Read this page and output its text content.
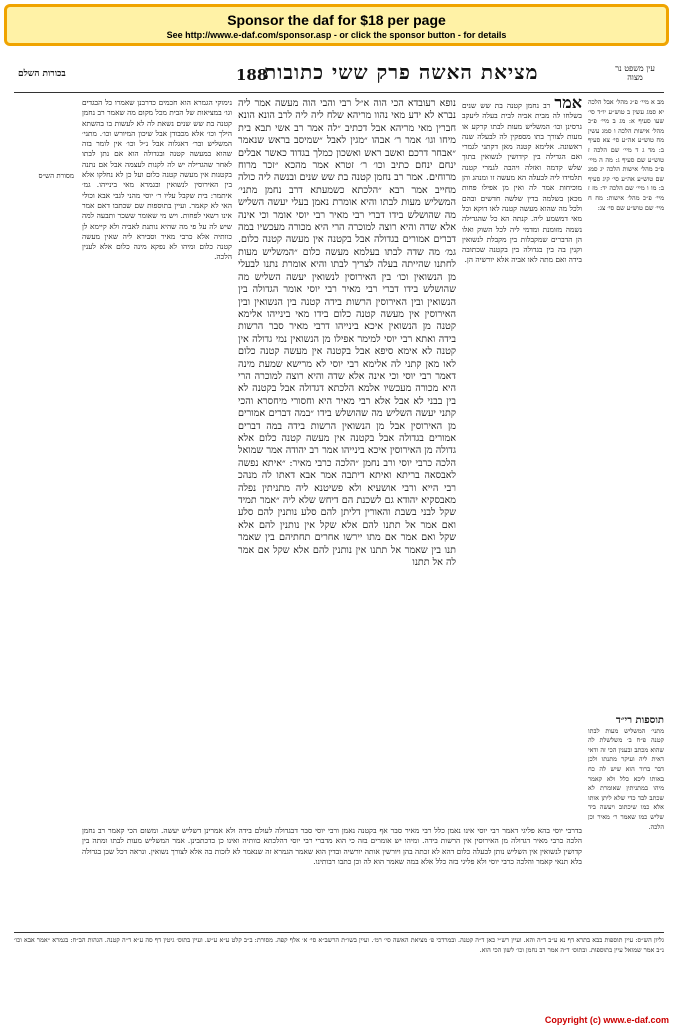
Sponsor the daf for $18 per page
See http://www.e-daf.com/sponsor.asp - or click the sponsor button - for details
עין משפט נר מצוה
188
מציאת האשה פרק ששי כתובות
בכורות השלם

מב א מיי׳ פ״ג מהל׳ אבל הלכה יא סמג עשין ב טוש״ע יו״ד סי׳ שעו סעיף א: מג ב מיי׳ פ״כ מהל׳ אישות הלכה ו סמג עשין מח טוש״ע אה״ע סי׳ צא סעיף ב: מד ג ד מיי׳ שם הלכה ז טוש״ע שם סעיף ג: מה ה מיי׳ פ״כ מהל׳ אישות הלכה יג סמג שם טוש״ע אה״ע סי׳ קיג סעיף ב: מו ו מיי׳ שם הלכה יד: מז ז מיי׳ פ״כ מהל׳ אישות: מח ח מיי׳ שם טוש״ע שם סי׳ צג:

אמר

רב נחמן קטנה בת שש שנים בשלחו לה מבית אביה לבית בעלה ליעקב גרסינן וכו׳ המשליש מעות לבתו קרקע או מעות לצורך בתו מספקין לה לבעלה שנה ראשונה. אלימא קטנה מאן דקתני לגמרי ואם הגדילה בין קידושין לנשואין בתוך שלש קדמה ואזלה ויהבה לגמרי קטנה תלמידו ליה לבעלה הא מעשה זו ומנהג והן מוכיחות אמר לה ואין מן אפילו פחות מכאן בשלמה בדין שלשה חדשים ובהם ולכל מה שהוא מעשה קטנה לאו דוקא וכל מאי דמשמע ליה. קנתה הא כל שהגדילה נשמה מזומנת ומדמי ליה לכל השוק ואלו הן הדברים שמקבלות בין מקבלת לנשואין וקנין בה בין בגדולה בין בקטנה שכתובה בידה ואם מתה לאו אביה אלא יורשיה הן.

נופא רעובדא הכי הוה א״ל רבי והבי הוה מעשה אמר ליה נברא לא ידע מאי נהוו מריהא שלח ליה ליה לרב הונא הונא חברין מאי מריהא אבל דכתיב ״לה אמר רב אשי תבא בית מיחו וגו׳ אמר ר׳ אבהו ״מגין לאבל ״שמיסב בראש שנאמר ״אבחר דרכם ואשב ראש ואשכון כמלך בגדוד כאשר אבלים ינחם ינחם כתיב וכו׳ ר׳ זטרא אמר מהכא ״זכר מרוח מרוחים. אמר רב נחמן קטנה בת שש שנים ובנשה ליה כולה מחייב אמר רבא ״הלכתא כשמעתא דרב נחמן מתני׳ המשליש מעות לבתו והיא אומרת נאמן בעלי יעשה השליש מה שהושלש בידו דברי רבי מאיר רבי יוסי אומר וכי אינה אלא שדה והיא רוצה למוכרה הרי היא מכורה מעכשיו במה דברים אמורים בגדולה אבל בקטנה אין מעשה קטנה כלום. גמ׳ מה שדה לבתו בעלמא מעשה כלום ״המשליש מעות לחתנו שהייתה בעלה לצריך לבתו והיא אומרת נתנו לבעלי מן הנשואין וכו׳ בין האירוסין לנשואין יעשה השליש מה שהושלש בידו דברי רבי מאיר רבי יוסי אומר הגדולה בין הנשואין ובין האירוסין הרשות בידה קטנה בין הנשואין ובין האירוסין אין מעשה קטנה כלום בידו מאי בינייהו אלימא קטנה מן הנשואין איכא בינייהו דרבי מאיר סבר הרשות בידה ואתא רבי יוסי למימר אפילו מן הנשואין נמי גדולה אין קטנה לא אימא סיפא אבל בקטנה אין מעשה קטנה כלום לאו מאן קתני לה אלימא רבי יוסי לא מרישא שמעת מינה דאמר רבי יוסי וכי אינה אלא שדה והיא רוצה למוכרה הרי היא מכורה מעכשיו אלמא הלכתא דגדולה אבל בקטנה לא בין בבני לא אבל אלא רבי מאיר היא וחסורי מיחסרא והכי קתני יעשה השליש מה שהושלש בידו ״במה דברים אמורים מן האירוסין אבל מן הנשואין הרשות בידה במה דברים אמורים בגדולה אבל בקטנה אין מעשה קטנה כלום אלא גדולה מן האירוסין איכא בינייהו אמר רב יהודה אמר שמואל הלכה כרבי יוסי ורב נחמן ״הלכה כרבי מאיר: ״איתא נפשה לאבסאה בריתא ואיתא דיתבה אמר אבא דאתו לה מנהכ רבי הייא ורבי אושעיא ולא פשיטנא ליה מתניתין נפלה מאבסקיא יהודא גם לשכנת הם דיחש שלא ליה ״אמר תמיד שקל לבני בשבת והאורין דליתן להם סלע נותנין להם סלע ואם אמר אל תתנו להם אלא שקל אין נותנין להם אלא שקל ואם אמר אם מתו יירשו אחרים תחתיהם בין שאמר תנו בין שאמר אל תתנו אין נותנין להם אלא שקל אם אמר לה אל תתנו

נימוקי הגמרא הוא חכמים כדרבנן שאמרו כל הבגדים וגו׳ במציאות של הבית מכל מקום מה שאמר רב נחמן קטנה בת שש שנים נשאת לה לא לעשות בו בהשתא הילך וכו׳ אלא מכבודן אבל שיכון המיורש וכו׳. מתני׳ המשליש ובר׳ דאגלוה אבל נ״ל וכו׳ אין לומר בזה שהוא במעשה קטנה ובגדולה הוא אם נתן לבתו לאחר שהגדילה יש לה לקנות לעצמה אבל אם נתנה בקטנות אין מעשה קטנה כלום ועל כן לא נחלקו אלא בין האירוסין לנשואין ובגמרא מאי בינייהו. גמ׳ איתמר: בית שקבל עליו ר׳ יוסי מהני לגבי אבא וכולי האי לא קאמר. ועיין בתוספות שם שכתבו דאם אמר אינו רשאי לפחות. ויש מי שאומר ששכר ותבעה למה שיש לה על פי מה שהיא נותנת לאביה ולא קיימא לן כוותיה אלא כרבי מאיר וסבירא ליה שאין מעשה קטנה כלום ומיהו לא נפקא מינה כלום אלא לענין הלכה.

מסורת הש״ס
תוספות רי״ד

מתני׳ המשליש מעות לבתו קטנה פ״ח ב׳ משלשלת לה שהוא מכתב ובענין הכי זה ודאי דאית ליה ועיקר מתנתו ולכן דבר ברור הוא שיש לה כח באותו ליכא כלל ולא קאמר מיהו במתניתין שאומרת לא שכתב לבד כדי שלא ליתן אותו אלא כמו שיכתוב ויעשה ביד שליש כמו שאמר ר׳ מאיר וכן הלכה.

בדרבי יוסי בהא פליגי דאמר רבי יוסי אינו נאמן כלל רבי מאיר סבר אף בקטנה נאמן ורבי יוסי סבר דבגדולה לעולם בידה ולא אמרינן דשליש יעשה. ומשום הכי קאמר רב נחמן הלכה כרבי מאיר דגדולה מן האירוסין אין הרשות בידה. ומיהו יש אומרים בזה כי הוא מדברי רבי יוסי דהלכתא כוותיה ואינו כן כדכתבינן. אמר המשליש מעות לבתו ומתה בין קדושין לנשואין אין השליש נותן לבעלה כלום דהא לא זכתה בהן ויורשין אותה יורשיה ובדין הוא שאמר הגמרא זה שנאמר לא לזכות בה אלא לצורך נשואין. ונראה דכל שכן בגדולה בלא תנאי קאמר והלכה כרבי יוסי ולא פליגי בזה כלל אלא במה שאמר הוא לה וכן כתבו רבותינו.

גליון הש״ס: עיין תוספות בבא בתרא דף נא ע״ב ד״ה והא. ועיין רש״י כאן ד״ה קטנה. ובמרדכי פ׳ מציאת האשה סי׳ רמ׳. ועיין בשו״ת הרשב״א סי׳ א׳ אלף קפה. מסורת: ב״ב קלט ע״א ע״ש. ועיין בתוס׳ גיטין דף סה ע״א ד״ה קטנה. הגהות הב״ח: בגמרא ״אמר אבא וכו׳ נ״ב אמר שמואל עיין בתוספות. ובתוס׳ ד״ה אמר רב נחמן וכו׳ לשון הכי הוא.

Copyright (c) www.e-daf.com
